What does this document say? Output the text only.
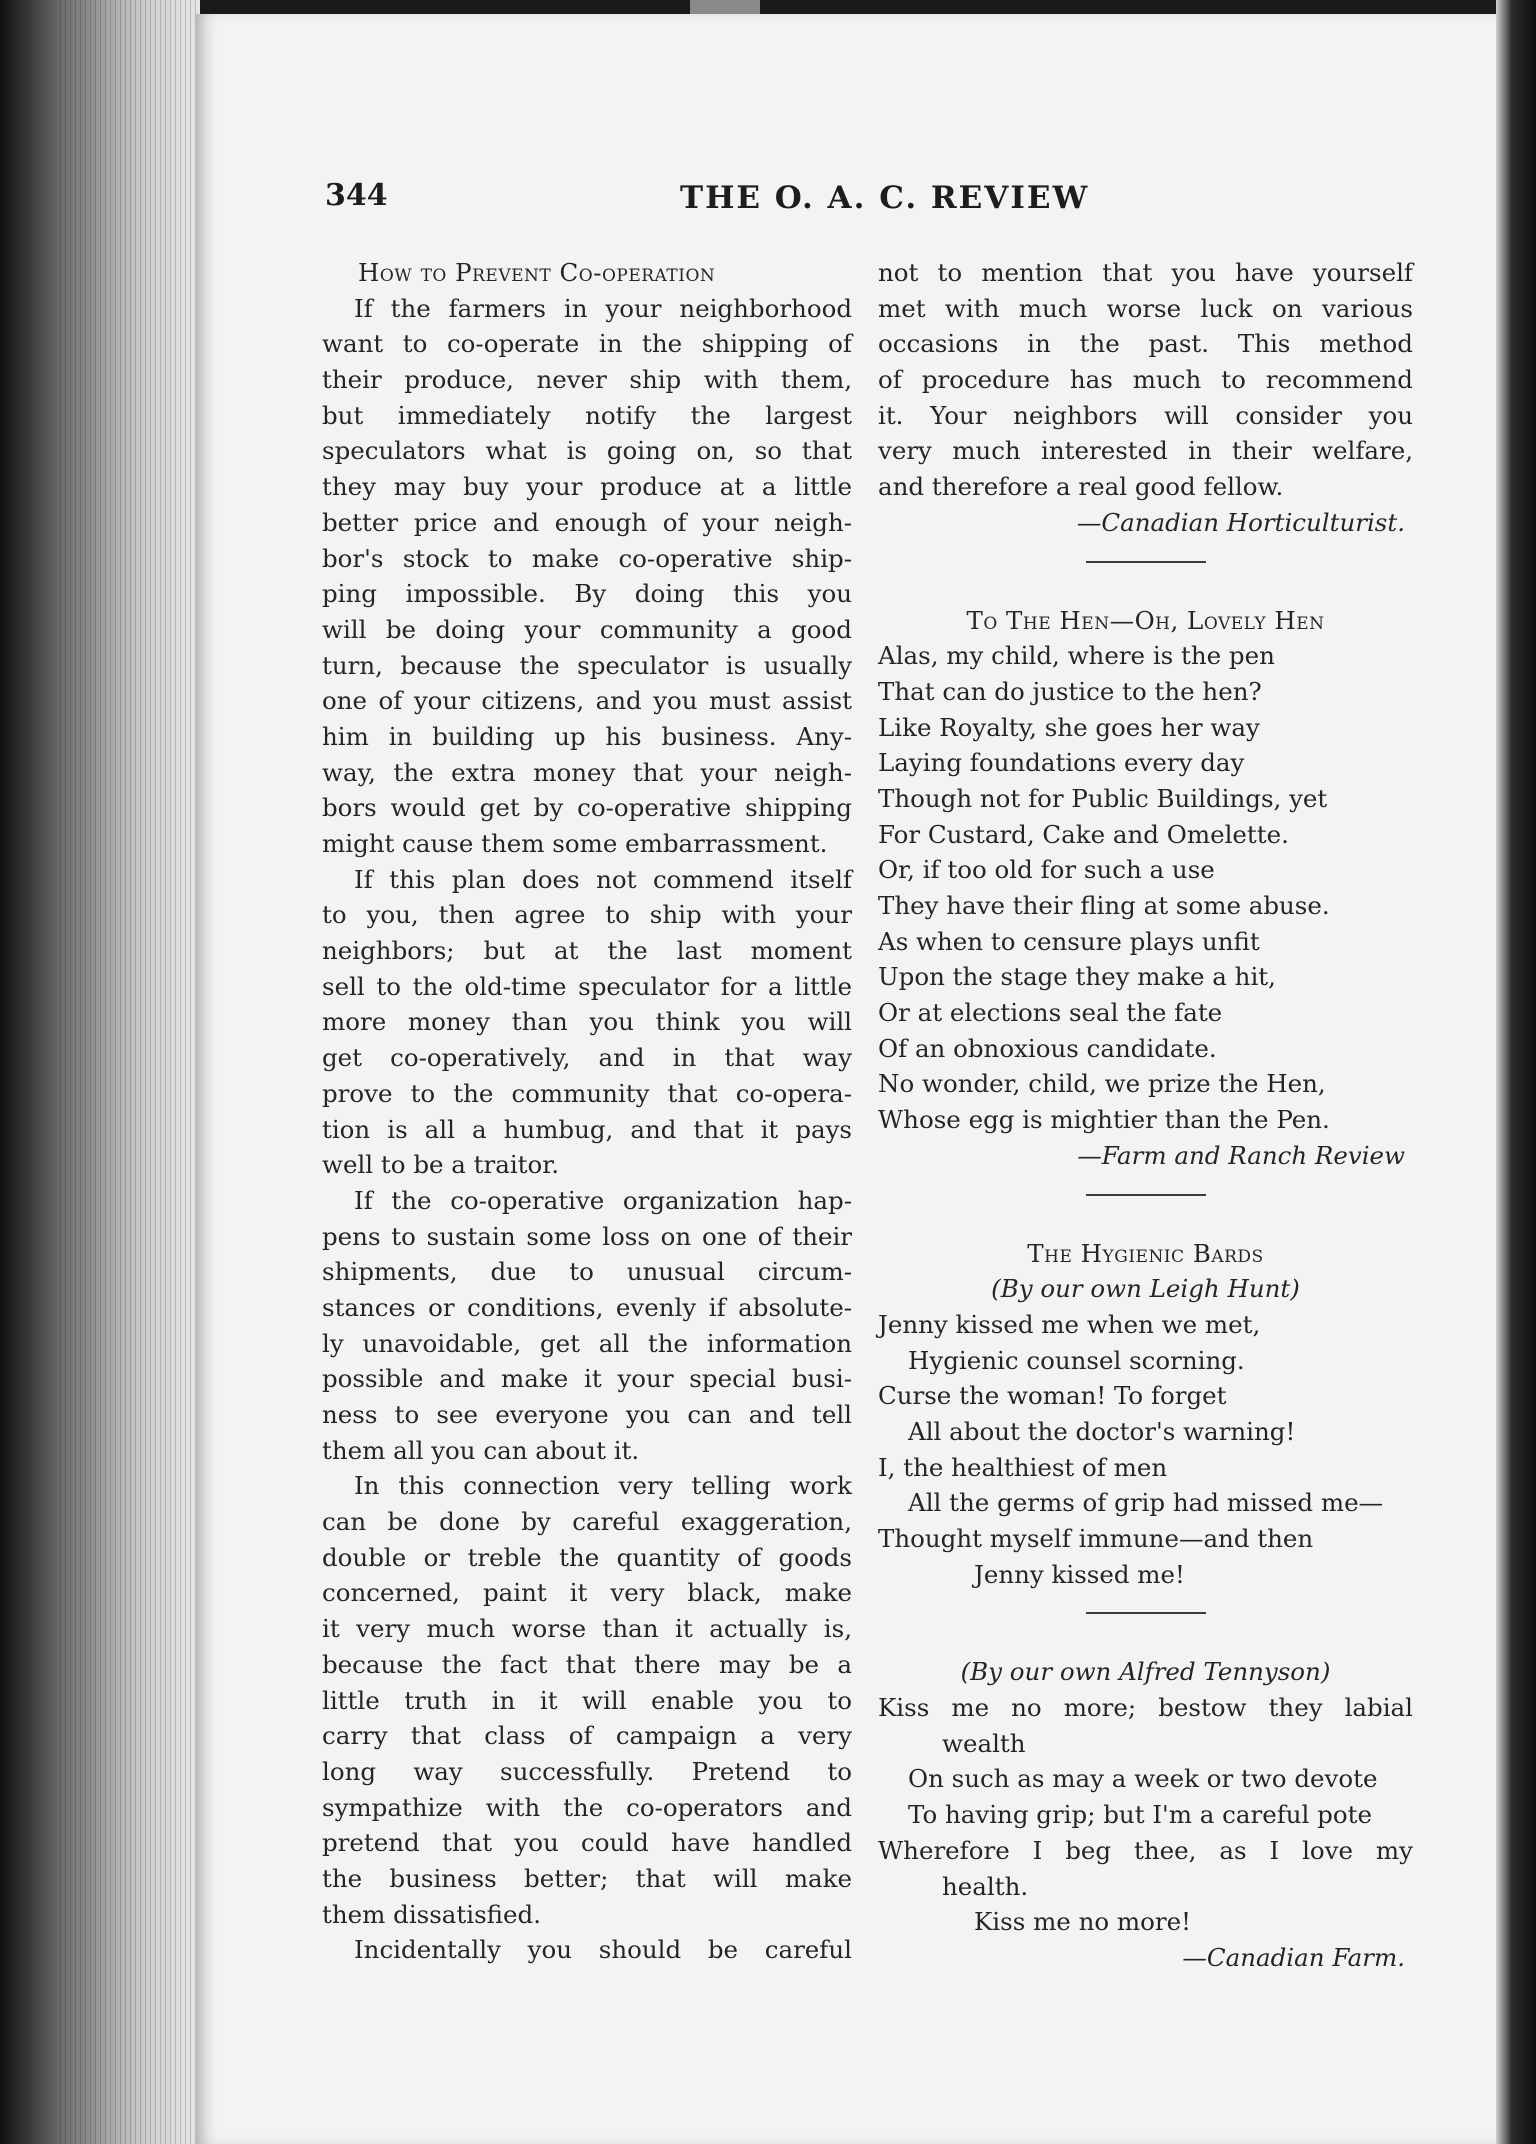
344	THE O. A. C. REVIEW
How to Prevent Co-operation
If the farmers in your neighborhood
want to co-operate in the shipping of
their produce, never ship with them,
but immediately notify the largest
speculators what is going on, so that
they may buy your produce at a little
better price and enough of your neigh-
bor's stock to make co-operative ship-
ping impossible. By doing this you
will be doing your community a good
turn, because the speculator is usually
one of your citizens, and you must assist
him in building up his business. Any-
way, the extra money that your neigh-
bors would get by co-operative shipping
might cause them some embarrassment.
If this plan does not commend itself
to you, then agree to ship with your
neighbors; but at the last moment
sell to the old-time speculator for a little
more money than you think you will
get co-operatively, and in that way
prove to the community that co-opera-
tion is all a humbug, and that it pays
well to be a traitor.
If the co-operative organization hap-
pens to sustain some loss on one of their
shipments, due to unusual circum-
stances or conditions, evenly if absolute-
ly unavoidable, get all the information
possible and make it your special busi-
ness to see everyone you can and tell
them all you can about it.
In this connection very telling work
can be done by careful exaggeration,
double or treble the quantity of goods
concerned, paint it very black, make
it very much worse than it actually is,
because the fact that there may be a
little truth in it will enable you to
carry that class of campaign a very
long way successfully. Pretend to
sympathize with the co-operators and
pretend that you could have handled
the business better; that will make
them dissatisfied.
Incidentally you should be careful
not to mention that you have yourself
met with much worse luck on various
occasions in the past. This method
of procedure has much to recommend
it. Your neighbors will consider you
very much interested in their welfare,
and therefore a real good fellow.
—Canadian Horticulturist.
To The Hen—Oh, Lovely Hen
Alas, my child, where is the pen
That can do justice to the hen?
Like Royalty, she goes her way
Laying foundations every day
Though not for Public Buildings, yet
For Custard, Cake and Omelette.
Or, if too old for such a use
They have their fling at some abuse.
As when to censure plays unfit
Upon the stage they make a hit,
Or at elections seal the fate
Of an obnoxious candidate.
No wonder, child, we prize the Hen,
Whose egg is mightier than the Pen.
—Farm and Ranch Review
The Hygienic Bards
(By our own Leigh Hunt)
Jenny kissed me when we met,
Hygienic counsel scorning.
Curse the woman! To forget
All about the doctor's warning!
I, the healthiest of men
All the germs of grip had missed me—
Thought myself immune—and then
Jenny kissed me!
(By our own Alfred Tennyson)
Kiss me no more; bestow they labial
wealth
On such as may a week or two devote
To having grip; but I'm a careful pote
Wherefore I beg thee, as I love my
health.
Kiss me no more!
—Canadian Farm.
